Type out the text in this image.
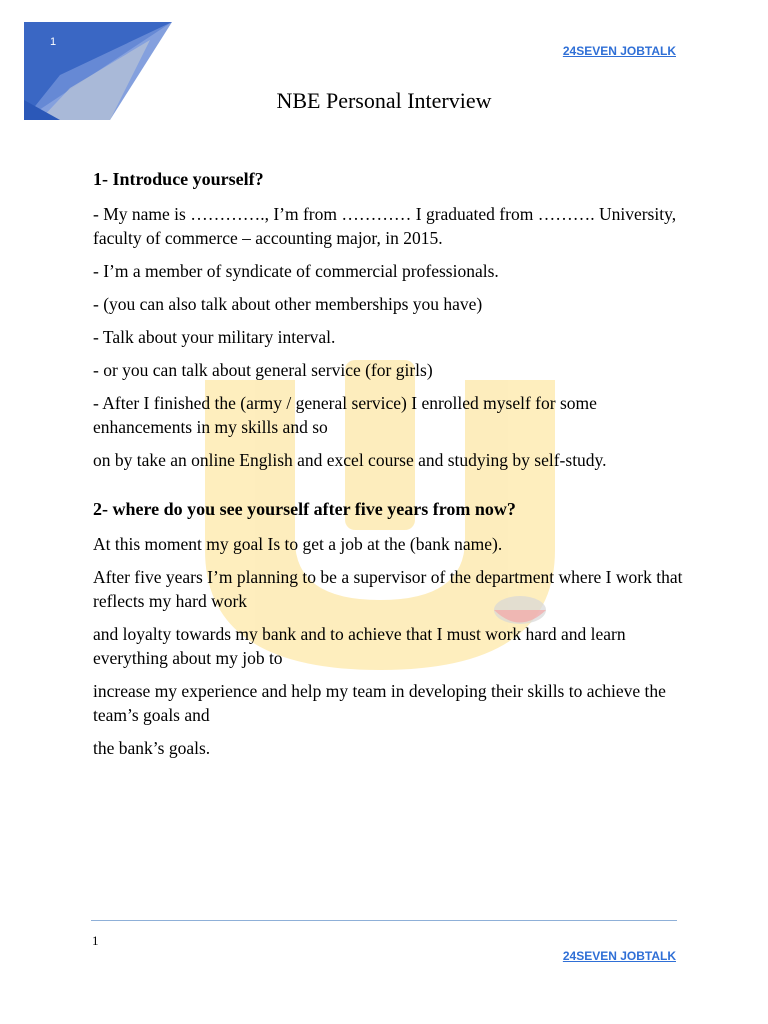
1
24SEVEN JOBTALK
NBE Personal Interview
1- Introduce yourself?

- My name is …………., I’m from ………… I graduated from ………. University, faculty of commerce – accounting major, in 2015.

- I’m a member of syndicate of commercial professionals.

- (you can also talk about other memberships you have)

- Talk about your military interval.

- or you can talk about general service (for girls)

- After I finished the (army / general service) I enrolled myself for some enhancements in my skills and so

on by take an online English and excel course and studying by self-study.

2- where do you see yourself after five years from now?

At this moment my goal Is to get a job at the (bank name).

After five years I’m planning to be a supervisor of the department where I work that reflects my hard work

and loyalty towards my bank and to achieve that I must work hard and learn everything about my job to

increase my experience and help my team in developing their skills to achieve the team’s goals and

the bank’s goals.

1
24SEVEN JOBTALK
